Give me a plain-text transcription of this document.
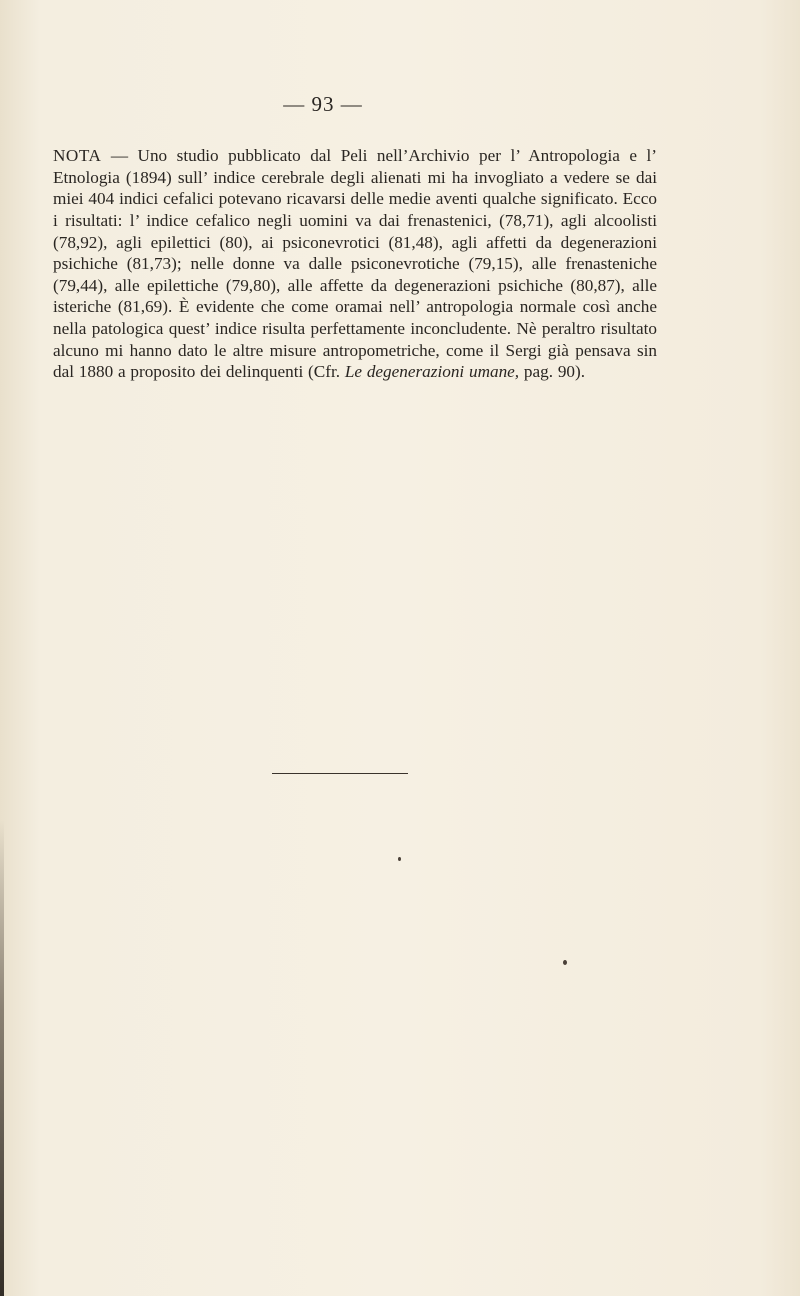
— 93 —

NOTA — Uno studio pubblicato dal Peli nell’Archivio per l’ Antropologia e l’ Etnologia (1894) sull’ indice cerebrale degli alienati mi ha invogliato a vedere se dai miei 404 indici cefalici potevano ricavarsi delle medie aventi qualche significato. Ecco i risultati: l’ indice cefalico negli uomini va dai frenastenici, (78,71), agli alcoolisti (78,92), agli epilettici (80), ai psiconevrotici (81,48), agli affetti da degenerazioni psichiche (81,73); nelle donne va dalle psiconevrotiche (79,15), alle frenasteniche (79,44), alle epilettiche (79,80), alle affette da degenerazioni psichiche (80,87), alle isteriche (81,69). È evidente che come oramai nell’ antropologia normale così anche nella patologica quest’ indice risulta perfettamente inconcludente. Nè peraltro risultato alcuno mi hanno dato le altre misure antropometriche, come il Sergi già pensava sin dal 1880 a proposito dei delinquenti (Cfr. Le degenerazioni umane, pag. 90).
